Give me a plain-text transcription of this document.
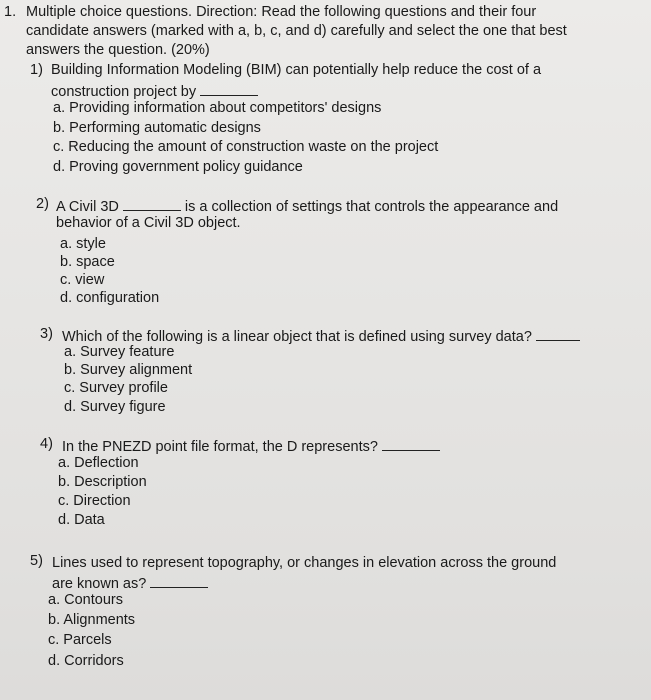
1. Multiple choice questions. Direction: Read the following questions and their four
candidate answers (marked with a, b, c, and d) carefully and select the one that best
answers the question. (20%)
1) Building Information Modeling (BIM) can potentially help reduce the cost of a
construction project by
a. Providing information about competitors' designs
b. Performing automatic designs
c. Reducing the amount of construction waste on the project
d. Proving government policy guidance
2) A Civil 3D	is a collection of settings that controls the appearance and
behavior of a Civil 3D object.
a. style
b. space
c. view
d. configuration
3) Which of the following is a linear object that is defined using survey data?
a. Survey feature
b. Survey alignment
c. Survey profile
d. Survey figure
4) In the PNEZD point file format, the D represents?
a. Deflection
b. Description
c. Direction
d. Data
5) Lines used to represent topography, or changes in elevation across the ground
are known as?
a. Contours
b. Alignments
c. Parcels
d. Corridors
